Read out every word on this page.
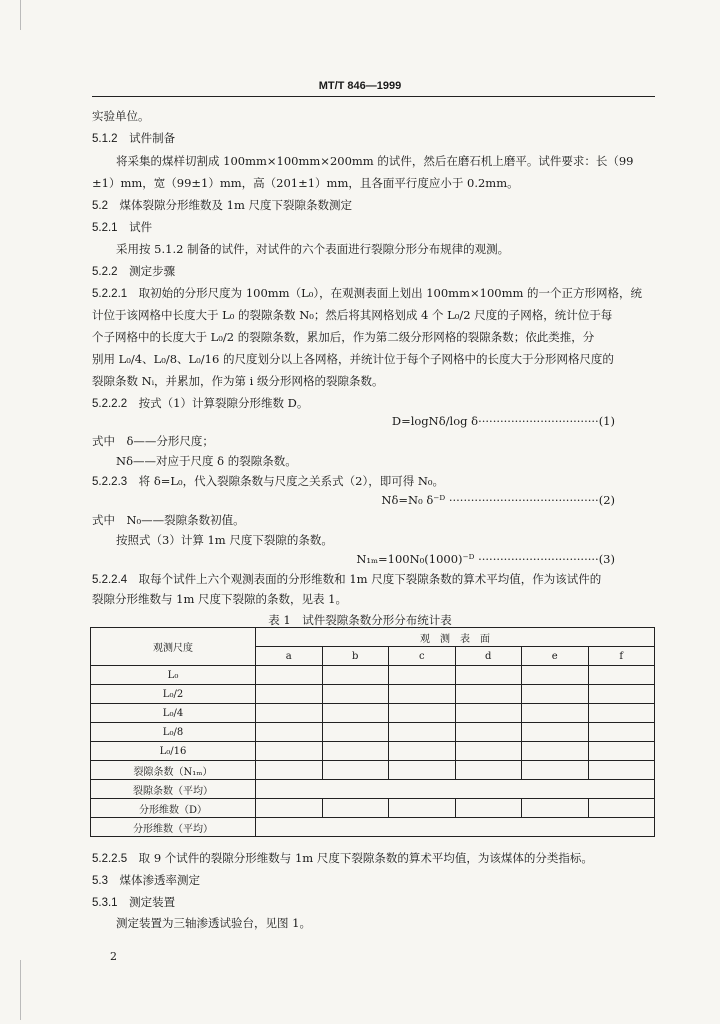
MT/T 846—1999
实验单位。
5.1.2　 试件制备
将采集的煤样切割成 100mm×100mm×200mm 的试件，然后在磨石机上磨平。试件要求：长（99
±1）mm，宽（99±1）mm，高（201±1）mm，且各面平行度应小于 0.2mm。
5.2　 煤体裂隙分形维数及 1m 尺度下裂隙条数测定
5.2.1　 试件
采用按 5.1.2 制备的试件，对试件的六个表面进行裂隙分形分布规律的观测。
5.2.2　 测定步骤
5.2.2.1　 取初始的分形尺度为 100mm（L₀），在观测表面上划出 100mm×100mm 的一个正方形网格，统
计位于该网格中长度大于 L₀ 的裂隙条数 N₀；然后将其网格划成 4 个 L₀/2 尺度的子网格，统计位于每
个子网格中的长度大于 L₀/2 的裂隙条数，累加后，作为第二级分形网格的裂隙条数；依此类推，分
别用 L₀/4、L₀/8、L₀/16 的尺度划分以上各网格，并统计位于每个子网格中的长度大于分形网格尺度的
裂隙条数 Nᵢ，并累加，作为第 i 级分形网格的裂隙条数。
5.2.2.2　 按式（1）计算裂隙分形维数 D。
D=logNδ/log δ·································(1)
式中　δ——分形尺度；
Nδ——对应于尺度 δ 的裂隙条数。
5.2.2.3　 将 δ=L₀，代入裂隙条数与尺度之关系式（2），即可得 N₀。
Nδ=N₀ δ⁻ᴰ ·········································(2)
式中　N₀——裂隙条数初值。
按照式（3）计算 1m 尺度下裂隙的条数。
N₁ₘ=100N₀(1000)⁻ᴰ ·································(3)
5.2.2.4　 取每个试件上六个观测表面的分形维数和 1m 尺度下裂隙条数的算术平均值，作为该试件的
裂隙分形维数与 1m 尺度下裂隙的条数，见表 1。
表 1　试件裂隙条数分形分布统计表
观测尺度	观　测　表　面					
	a	b	c	d	e	f
L₀						
L₀/2						
L₀/4						
L₀/8						
L₀/16						
裂隙条数（N₁ₘ）						
裂隙条数（平均）						
分形维数（D）						
分形维数（平均）						
5.2.2.5　 取 9 个试件的裂隙分形维数与 1m 尺度下裂隙条数的算术平均值，为该煤体的分类指标。
5.3　 煤体渗透率测定
5.3.1　 测定装置
测定装置为三轴渗透试验台，见图 1。
2
